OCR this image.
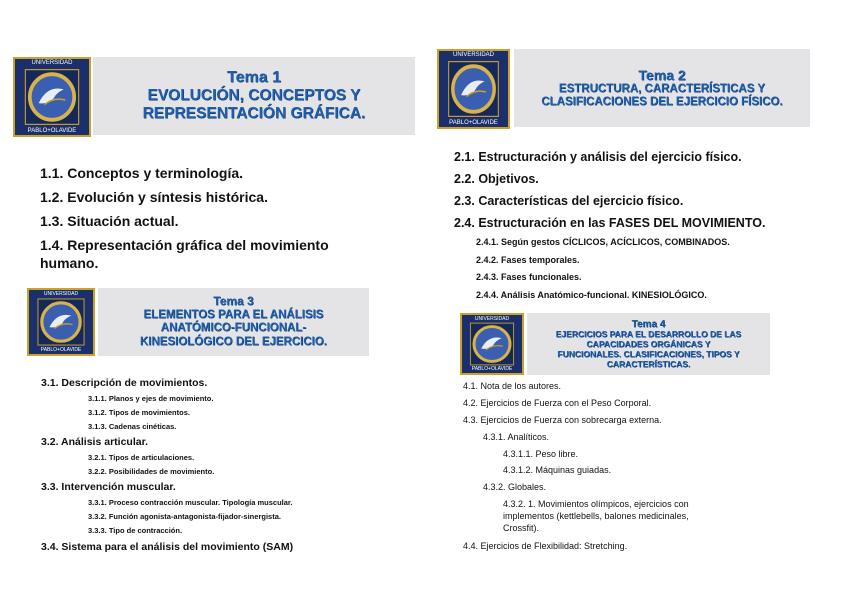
UNIVERSIDAD
PABLO+OLAVIDE
Tema 1
EVOLUCIÓN, CONCEPTOS Y
REPRESENTACIÓN GRÁFICA.
1.1. Conceptos y terminología.
1.2. Evolución y síntesis histórica.
1.3. Situación actual.
1.4. Representación gráfica del movimiento
humano.
UNIVERSIDAD
PABLO+OLAVIDE
Tema 2
ESTRUCTURA, CARACTERÍSTICAS Y
CLASIFICACIONES DEL EJERCICIO FÍSICO.
2.1. Estructuración y análisis del ejercicio físico.
2.2. Objetivos.
2.3. Características del ejercicio físico.
2.4. Estructuración en las FASES DEL MOVIMIENTO.
2.4.1. Según gestos CÍCLICOS, ACÍCLICOS, COMBINADOS.
2.4.2. Fases temporales.
2.4.3. Fases funcionales.
2.4.4. Análisis Anatómico-funcional. KINESIOLÓGICO.
UNIVERSIDAD
PABLO+OLAVIDE
Tema 3
ELEMENTOS PARA EL ANÁLISIS
ANATÓMICO-FUNCIONAL-
KINESIOLÓGICO DEL EJERCICIO.
3.1. Descripción de movimientos.
3.1.1. Planos y ejes de movimiento.
3.1.2. Tipos de movimientos.
3.1.3. Cadenas cinéticas.
3.2. Análisis articular.
3.2.1. Tipos de articulaciones.
3.2.2. Posibilidades de movimiento.
3.3. Intervención muscular.
3.3.1. Proceso contracción muscular. Tipología muscular.
3.3.2. Función agonista-antagonista-fijador-sinergista.
3.3.3. Tipo de contracción.
3.4. Sistema para el análisis del movimiento (SAM)
UNIVERSIDAD
PABLO+OLAVIDE
Tema 4
EJERCICIOS PARA EL DESARROLLO DE LAS
CAPACIDADES ORGÁNICAS Y
FUNCIONALES. CLASIFICACIONES, TIPOS Y
CARACTERÍSTICAS.
4.1. Nota de los autores.
4.2. Ejercicios de Fuerza con el Peso Corporal.
4.3. Ejercicios de Fuerza con sobrecarga externa.
4.3.1. Analíticos.
4.3.1.1. Peso libre.
4.3.1.2. Máquinas guiadas.
4.3.2. Globales.
4.3.2. 1. Movimientos olímpicos, ejercicios con
implementos (kettlebells, balones medicinales,
Crossfit).
4.4. Ejercicios de Flexibilidad: Stretching.
